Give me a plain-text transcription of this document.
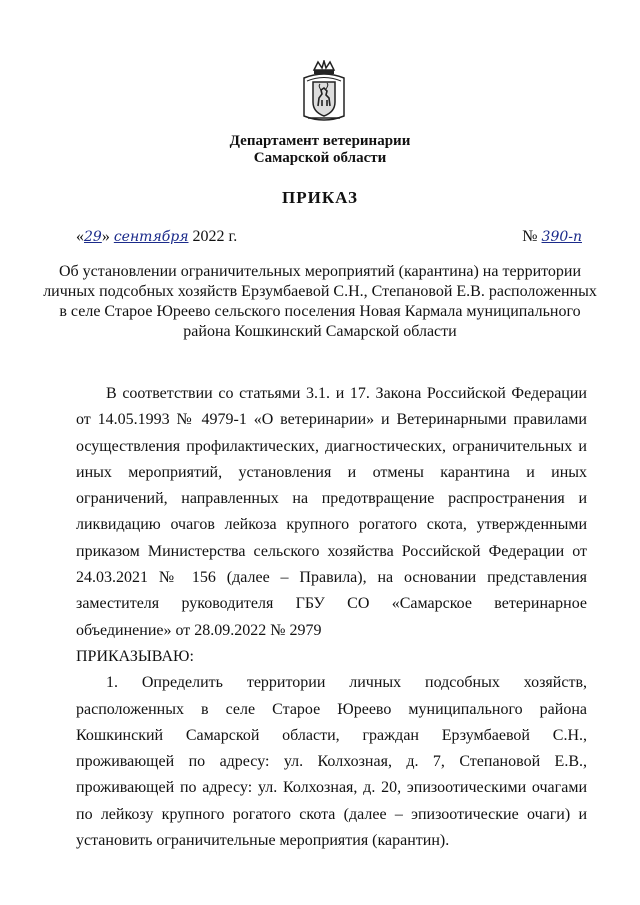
Департамент ветеринарии
Самарской области
ПРИКАЗ
«29» сентября 2022 г.	№ 390-п
Об установлении ограничительных мероприятий (карантина) на территории личных подсобных хозяйств Ерзумбаевой С.Н., Степановой Е.В. расположенных в селе Старое Юреево сельского поселения Новая Кармала муниципального района Кошкинский Самарской области

В соответствии со статьями 3.1. и 17. Закона Российской Федерации от 14.05.1993 № 4979-1 «О ветеринарии» и Ветеринарными правилами осуществления профилактических, диагностических, ограничительных и иных мероприятий, установления и отмены карантина и иных ограничений, направленных на предотвращение распространения и ликвидацию очагов лейкоза крупного рогатого скота, утвержденными приказом Министерства сельского хозяйства Российской Федерации от 24.03.2021 № 156 (далее – Правила), на основании представления заместителя руководителя ГБУ СО «Самарское ветеринарное объединение» от 28.09.2022 № 2979
ПРИКАЗЫВАЮ:

1. Определить территории личных подсобных хозяйств, расположенных в селе Старое Юреево муниципального района Кошкинский Самарской области, граждан Ерзумбаевой С.Н., проживающей по адресу: ул. Колхозная, д. 7, Степановой Е.В., проживающей по адресу: ул. Колхозная, д. 20, эпизоотическими очагами по лейкозу крупного рогатого скота (далее – эпизоотические очаги) и установить ограничительные мероприятия (карантин).
